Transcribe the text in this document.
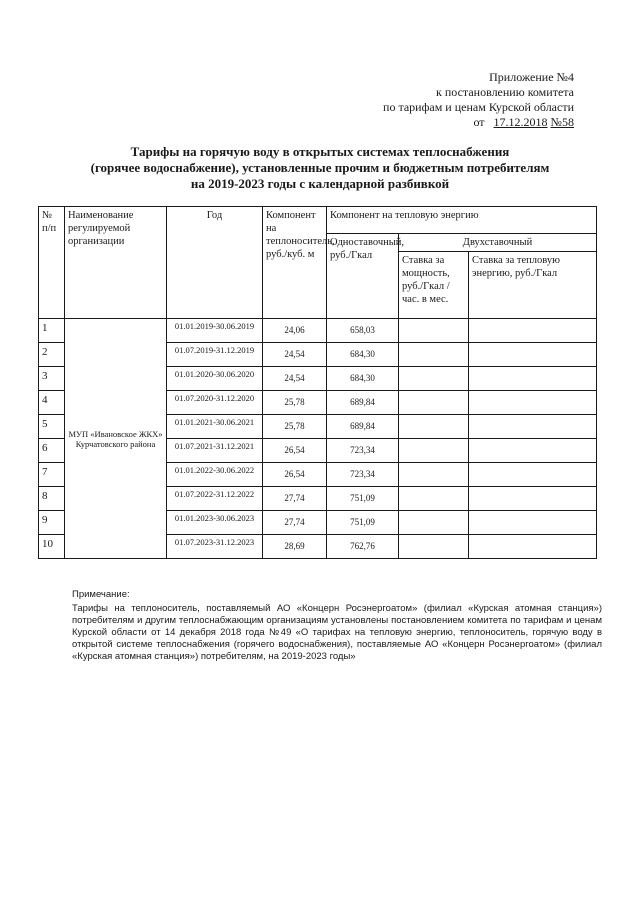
Приложение №4
к постановлению комитета
по тарифам и ценам Курской области
от 17.12.2018 №58
Тарифы на горячую воду в открытых системах теплоснабжения
(горячее водоснабжение), установленные прочим и бюджетным потребителям
на 2019-2023 годы с календарной разбивкой
№ п/п	Наименование регулируемой организации	Год	Компонент на теплоноситель, руб./куб. м	Компонент на тепловую энергию		
				Одноставочный, руб./Гкал	Двухставочный	
					Ставка за мощность, руб./Гкал /час. в мес.	Ставка за тепловую энергию, руб./Гкал
1	МУП «Ивановское ЖКХ» Курчатовского района	01.01.2019-30.06.2019	24,06	658,03		
2		01.07.2019-31.12.2019	24,54	684,30		
3		01.01.2020-30.06.2020	24,54	684,30		
4		01.07.2020-31.12.2020	25,78	689,84		
5		01.01.2021-30.06.2021	25,78	689,84		
6		01.07.2021-31.12.2021	26,54	723,34		
7		01.01.2022-30.06.2022	26,54	723,34		
8		01.07.2022-31.12.2022	27,74	751,09		
9		01.01.2023-30.06.2023	27,74	751,09		
10		01.07.2023-31.12.2023	28,69	762,76		
Примечание:

Тарифы на теплоноситель, поставляемый АО «Концерн Росэнергоатом» (филиал «Курская атомная станция») потребителям и другим теплоснабжающим организациям установлены постановлением комитета по тарифам и ценам Курской области от 14 декабря 2018 года №49 «О тарифах на тепловую энергию, теплоноситель, горячую воду в открытой системе теплоснабжения (горячего водоснабжения), поставляемые АО «Концерн Росэнергоатом» (филиал «Курская атомная станция») потребителям, на 2019-2023 годы»
